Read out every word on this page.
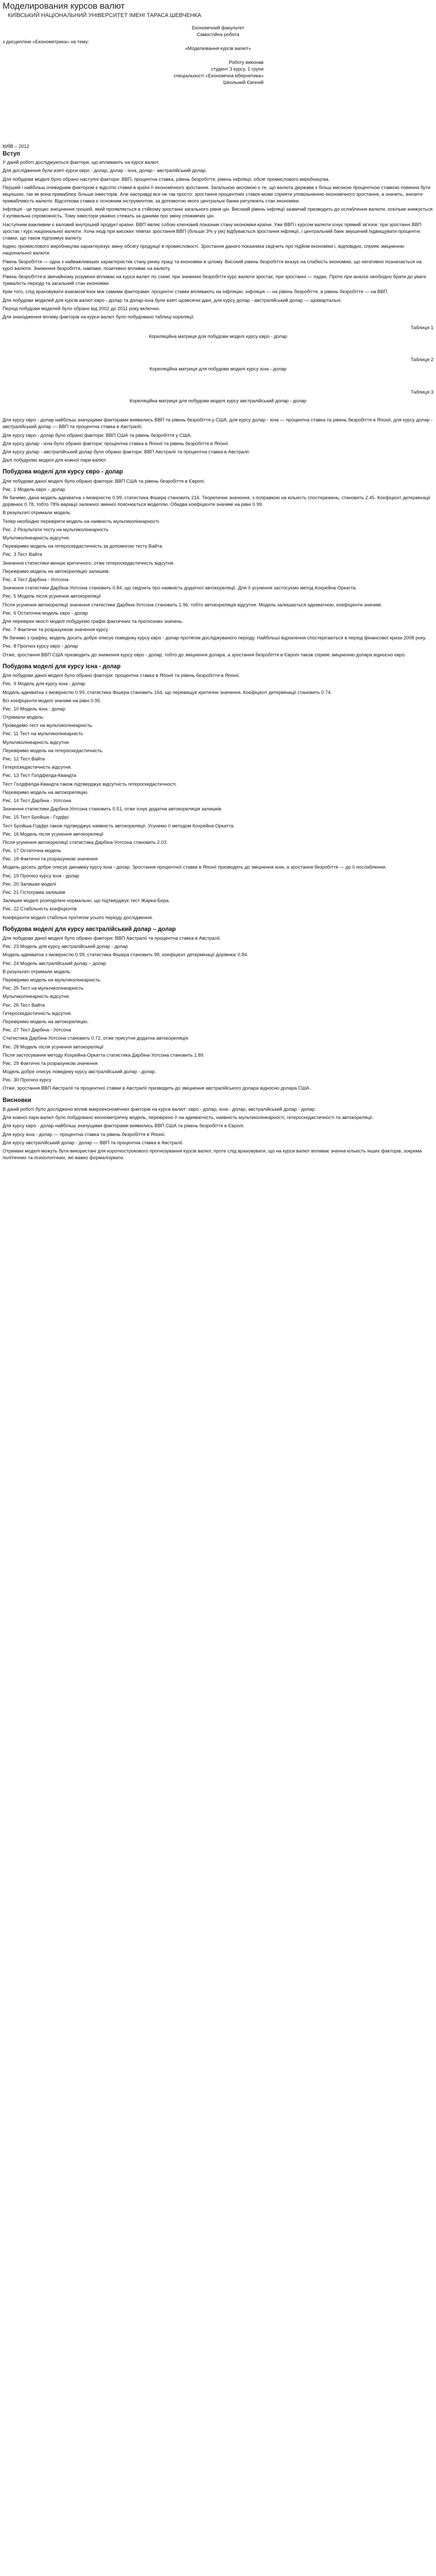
Моделирования курсов валют
КИЇВСЬКИЙ НАЦІОНАЛЬНИЙ УНІВЕРСИТЕТ ІМЕНІ ТАРАСА ШЕВЧЕНКА
Економічний факультет
Самостійна робота
з дисципліни «Економетрика» на тему:
«Моделювання курсів валют»
Роботу виконав
студент 3 курсу, 1 групи
спеціальності «Економічна кібернетика»
Школьний Євгеній
КИЇВ – 2012
Вступ

У даній роботі досліджуються фактори, що впливають на курси валют.

Для дослідження були взяті курси євро - долар, долар - ієна, долар - австралійський долар.

Для побудови моделі було обрано наступні фактори: ВВП, процентна ставка, рівень безробіття, рівень інфляції, обсяг промислового виробництва.

Перший і найбільш очевидним фактором є відсоткі ставки в країні її економічного зростання. Загальною аксіомою є те, що валюта держави з більш високою процентною ставкою повинна бути міцнішою, так як вона приваблює більше інвесторів. Але насправді все не так просто: зростання процентних ставок може сприяти уповільненню економічного зростання, а значить, знизити привабливість валюти. Відсоткова ставка є основним інструментом, за допомогою якого центральні банки регулюють стан економіки.

Інфляція - це процес знецінення грошей, який проявляється в стійкому зростанні загального рівня цін. Високий рівень інфляції зазвичай призводить до ослаблення валюти, оскільки знижується її купівельна спроможність. Тому інвестори уважно стежать за даними про зміну споживчих цін.

Наступним важливим є валовий внутрішній продукт країни. ВВП являє собою ключовий показник стану економіки країни. Уже ВВП і курсом валюти існує прямий зв'язок: при зростанні ВВП зростає і курс національної валюти. Хоча іноді при високих темпах зростання ВВП (більше 3% у рік) відбувається зростання інфляції, і центральний банк змушений підвищувати процентні ставки, що також підтримує валюту.

Індекс промислового виробництва характеризує зміну обсягу продукції в промисловості. Зростання даного показника свідчить про підйом економіки і, відповідно, сприяє зміцненню національної валюти.

Рівень безробіття — одна з найважливіших характеристик стану ринку праці та економіки в цілому. Високий рівень безробіття вказує на слабкість економіки, що негативно позначається на курсі валюти. Зниження безробіття, навпаки, позитивно впливає на валюту.

Рівень безробіття в звичайному розумінні впливає на курси валют по схемі: при зниженні безробіття курс валюти зростає, при зростанні — падає. Проте при аналізі необхідно брати до уваги тривалість періоду та загальний стан економіки.

Крім того, слід враховувати взаємозв'язок між самими факторами: процентні ставки впливають на інфляцію, інфляція — на рівень безробіття, а рівень безробіття — на ВВП.

Для побудови моделей для курсів валют євро - долар та долар-ієна були взяті щомісячні дані, для курсу долар - австралійський долар — щоквартальні.

Період побудови моделей було обрано від 2002 до 2011 року включно.

Для знаходження впливу факторів на курси валют було побудовано таблиці кореляції.

Таблиця 1
Кореляційна матриця для побудови моделі курсу євро - долар
Таблиця 2
Кореляційна матриця для побудови моделі курсу ієна - долар
Таблиця 3
Кореляційна матриця для побудови моделі курсу австралійський долар - долар

Для курсу євро - долар найбільш значущими факторами виявились ВВП та рівень безробіття у США, для курсу долар - ієна — процентна ставка та рівень безробіття в Японії, для курсу долар - австралійський долар — ВВП та процентна ставка в Австралії.

Для курсу євро - долар було обрано фактори: ВВП США та рівень безробіття у США.

Для курсу долар - ієна було обрано фактори: процентна ставка в Японії та рівень безробіття в Японії.

Для курсу долар - австралійський долар було обрано фактори: ВВП Австралії та процентна ставка в Австралії.

Далі побудуємо моделі для кожної пари валют.

Побудова моделі для курсу євро - долар

Для побудови даної моделі було обрано фактори: ВВП США та рівень безробіття в Європі.

Рис. 1 Модель євро – долар

Як бачимо, дана модель адекватна з імовірністю 0.99, статистика Фішера становить 216. Теоретичне значення, з поправкою на кількість спостережень, становить 2.45. Коефіцієнт детермінації дорівнює 0.78, тобто 78% варіації залежної змінної пояснюється моделлю. Обидва коефіцієнти значимі на рівні 0.99.

В результаті отримали модель:

Тепер необхідно перевірити модель на наявність мультиколінеарності.

Рис. 2 Результати тесту на мультиколінеарність

Мультиколінеарність відсутня.

Перевіримо модель на гетероскедастичність за допомогою тесту Вайта.

Рис. 3 Тест Вайта

Значення статистики менше критичного, отже гетероскедастичність відсутня.

Перевіримо модель на автокореляцію залишків.

Рис. 4 Тест Дарбіна - Уотсона

Значення статистики Дарбіна-Уотсона становить 0.84, що свідчить про наявність додатної автокореляції. Для її усунення застосуємо метод Кохрейна-Оркатта.

Рис. 5 Модель після усунення автокореляції

Після усунення автокореляції значення статистики Дарбіна-Уотсона становить 1.96, тобто автокореляція відсутня. Модель залишається адекватною, коефіцієнти значимі.

Рис. 6 Остаточна модель євро - долар

Для перевірки якості моделі побудуємо графік фактичних та прогнозних значень.

Рис. 7 Фактичні та розрахункові значення курсу

Як бачимо з графіку, модель досить добре описує поведінку курсу євро - долар протягом досліджуваного періоду. Найбільші відхилення спостерігаються в період фінансової кризи 2008 року.

Рис. 8 Прогноз курсу євро - долар

Отже, зростання ВВП США призводить до зниження курсу євро - долар, тобто до зміцнення долара, а зростання безробіття в Європі також сприяє зміцненню долара відносно євро.

Побудова моделі для курсу ієна - долар

Для побудови даної моделі було обрано фактори: процентна ставка в Японії та рівень безробіття в Японії.

Рис. 9 Модель для курсу ієна - долар

Модель адекватна з імовірністю 0.99, статистика Фішера становить 164, що перевищує критичне значення. Коефіцієнт детермінації становить 0.74.

Всі коефіцієнти моделі значимі на рівні 0.95.

Рис. 10 Модель ієна - долар

Отримали модель:

Проведемо тест на мультиколінеарність.

Рис. 11 Тест на мультиколінеарність

Мультиколінеарність відсутня.

Перевіримо модель на гетероскедастичність.

Рис. 12 Тест Вайта

Гетероскедастичність відсутня.

Рис. 13 Тест Голдфелда-Квандта

Тест Голдфелда-Квандта також підтверджує відсутність гетероскедастичності.

Перевіримо модель на автокореляцію.

Рис. 14 Тест Дарбіна - Уотсона

Значення статистики Дарбіна-Уотсона становить 0.51, отже існує додатна автокореляція залишків.

Рис. 15 Тест Бройша - Годфрі

Тест Бройша-Годфрі також підтверджує наявність автокореляції. Усунемо її методом Кохрейна-Оркатта.

Рис. 16 Модель після усунення автокореляції

Після усунення автокореляції статистика Дарбіна-Уотсона становить 2.03.

Рис. 17 Остаточна модель

Рис. 18 Фактичні та розрахункові значення

Модель досить добре описує динаміку курсу ієна - долар. Зростання процентної ставки в Японії призводить до зміцнення ієни, а зростання безробіття — до її послаблення.

Рис. 19 Прогноз курсу ієна - долар

Рис. 20 Залишки моделі

Рис. 21 Гістограма залишків

Залишки моделі розподілені нормально, що підтверджує тест Жарка-Бера.

Рис. 22 Стабільність коефіцієнтів

Коефіцієнти моделі стабільні протягом усього періоду дослідження.

Побудова моделі для курсу австралійський долар – долар

Для побудови даної моделі було обрано фактори: ВВП Австралії та процентна ставка в Австралії.

Рис. 23 Модель для курсу австралійський долар - долар

Модель адекватна з імовірністю 0.99, статистика Фішера становить 98, коефіцієнт детермінації дорівнює 0.84.

Рис. 24 Модель австралійський долар – долар

В результаті отримали модель:

Перевіримо модель на мультиколінеарність.

Рис. 25 Тест на мультиколінеарність

Мультиколінеарність відсутня.

Рис. 26 Тест Вайта

Гетероскедастичність відсутня.

Перевіримо модель на автокореляцію.

Рис. 27 Тест Дарбіна - Уотсона

Статистика Дарбіна-Уотсона становить 0.72, отже присутня додатна автокореляція.

Рис. 28 Модель після усунення автокореляції

Після застосування методу Кохрейна-Оркатта статистика Дарбіна-Уотсона становить 1.89.

Рис. 29 Фактичні та розрахункові значення

Модель добре описує поведінку курсу австралійський долар - долар.

Рис. 30 Прогноз курсу

Отже, зростання ВВП Австралії та процентної ставки в Австралії призводить до зміцнення австралійського долара відносно долара США.

Висновки

В даній роботі було досліджено вплив макроекономічних факторів на курси валют: євро - долар, ієна - долар, австралійський долар - долар.

Для кожної пари валют було побудовано економетричну модель, перевірено її на адекватність, наявність мультиколінеарності, гетероскедастичності та автокореляції.

Для курсу євро - долар найбільш значущими факторами виявились ВВП США та рівень безробіття в Європі.

Для курсу ієна - долар — процентна ставка та рівень безробіття в Японії.

Для курсу австралійський долар - долар — ВВП та процентна ставка в Австралії.

Отримані моделі можуть бути використані для короткострокового прогнозування курсів валют, проте слід враховувати, що на курси валют впливає значна кількість інших факторів, зокрема політичних та психологічних, які важко формалізувати.
